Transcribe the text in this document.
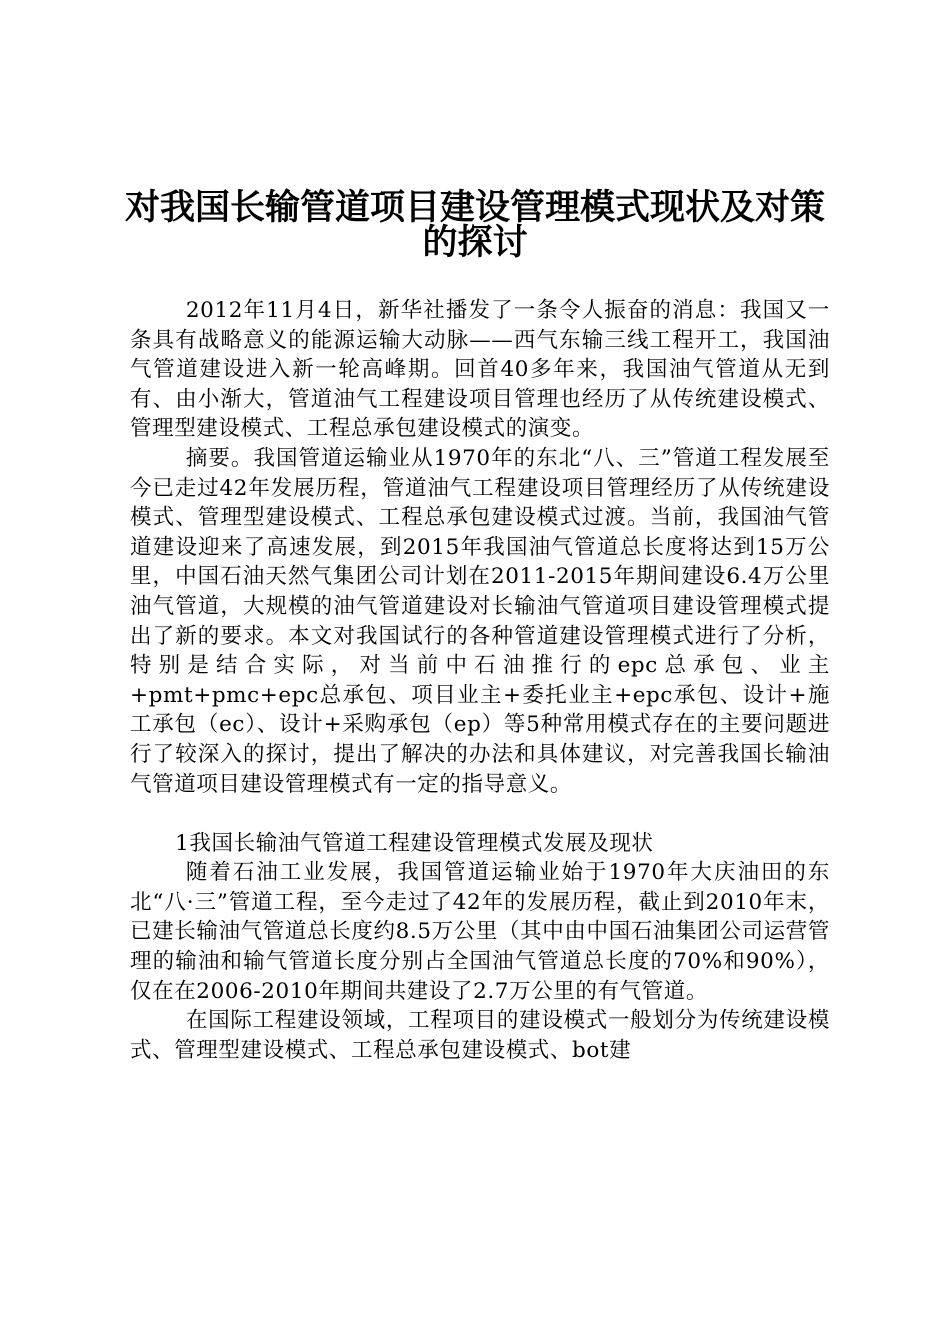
对我国长输管道项目建设管理模式现状及对策
的探讨

2012年11月4日，新华社播发了一条令人振奋的消息：我国又一条具有战略意义的能源运输大动脉——西气东输三线工程开工，我国油气管道建设进入新一轮高峰期。回首40多年来，我国油气管道从无到有、由小渐大，管道油气工程建设项目管理也经历了从传统建设模式、管理型建设模式、工程总承包建设模式的演变。

摘要。我国管道运输业从1970年的东北“八、三”管道工程发展至今已走过42年发展历程，管道油气工程建设项目管理经历了从传统建设模式、管理型建设模式、工程总承包建设模式过渡。当前，我国油气管道建设迎来了高速发展，到2015年我国油气管道总长度将达到15万公里，中国石油天然气集团公司计划在2011-2015年期间建设6.4万公里油气管道，大规模的油气管道建设对长输油气管道项目建设管理模式提出了新的要求。本文对我国试行的各种管道建设管理模式进行了分析，特别是结合实际，对当前中石油推行的epc总承包、业主+pmt+pmc+epc总承包、项目业主+委托业主+epc承包、设计+施工承包（ec）、设计+采购承包（ep）等5种常用模式存在的主要问题进行了较深入的探讨，提出了解决的办法和具体建议，对完善我国长输油气管道项目建设管理模式有一定的指导意义。

1我国长输油气管道工程建设管理模式发展及现状

随着石油工业发展，我国管道运输业始于1970年大庆油田的东北“八·三”管道工程，至今走过了42年的发展历程，截止到2010年末，已建长输油气管道总长度约8.5万公里（其中由中国石油集团公司运营管理的输油和输气管道长度分别占全国油气管道总长度的70%和90%），仅在在2006-2010年期间共建设了2.7万公里的有气管道。

在国际工程建设领域，工程项目的建设模式一般划分为传统建设模式、管理型建设模式、工程总承包建设模式、bot建
